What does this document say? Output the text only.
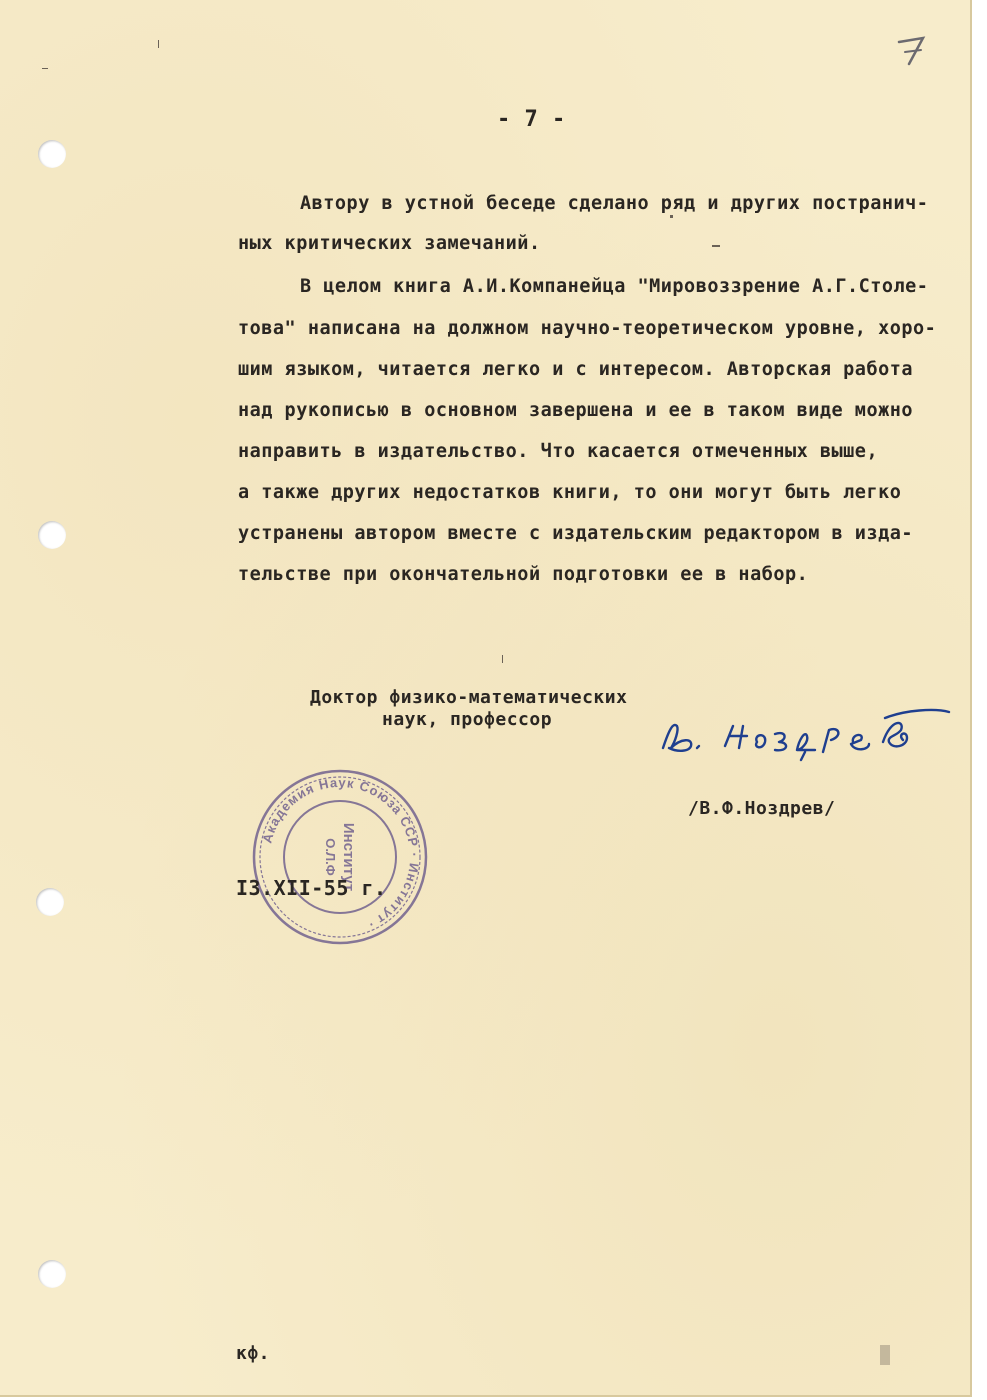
- 7 -
Автору в устной беседе сделано ряд и других постранич-
ных критических замечаний.
В целом книга А.И.Компанейца "Мировоззрение А.Г.Столе-
това" написана на должном научно-теоретическом уровне, хоро-
шим языком, читается легко и с интересом. Авторская работа
над рукописью в основном завершена и ее в таком виде можно
направить в издательство. Что касается отмеченных выше,
а также других недостатков книги, то они могут быть легко
устранены автором вместе с издательским редактором в изда-
тельстве при окончательной подготовки ее в набор.
Доктор физико-математических
наук, профессор
/В.Ф.Ноздрев/
Академия Наук Союза ССР · Институт ·
Институт
О.Л.Ф
I3.XII-55 г.
кф.
